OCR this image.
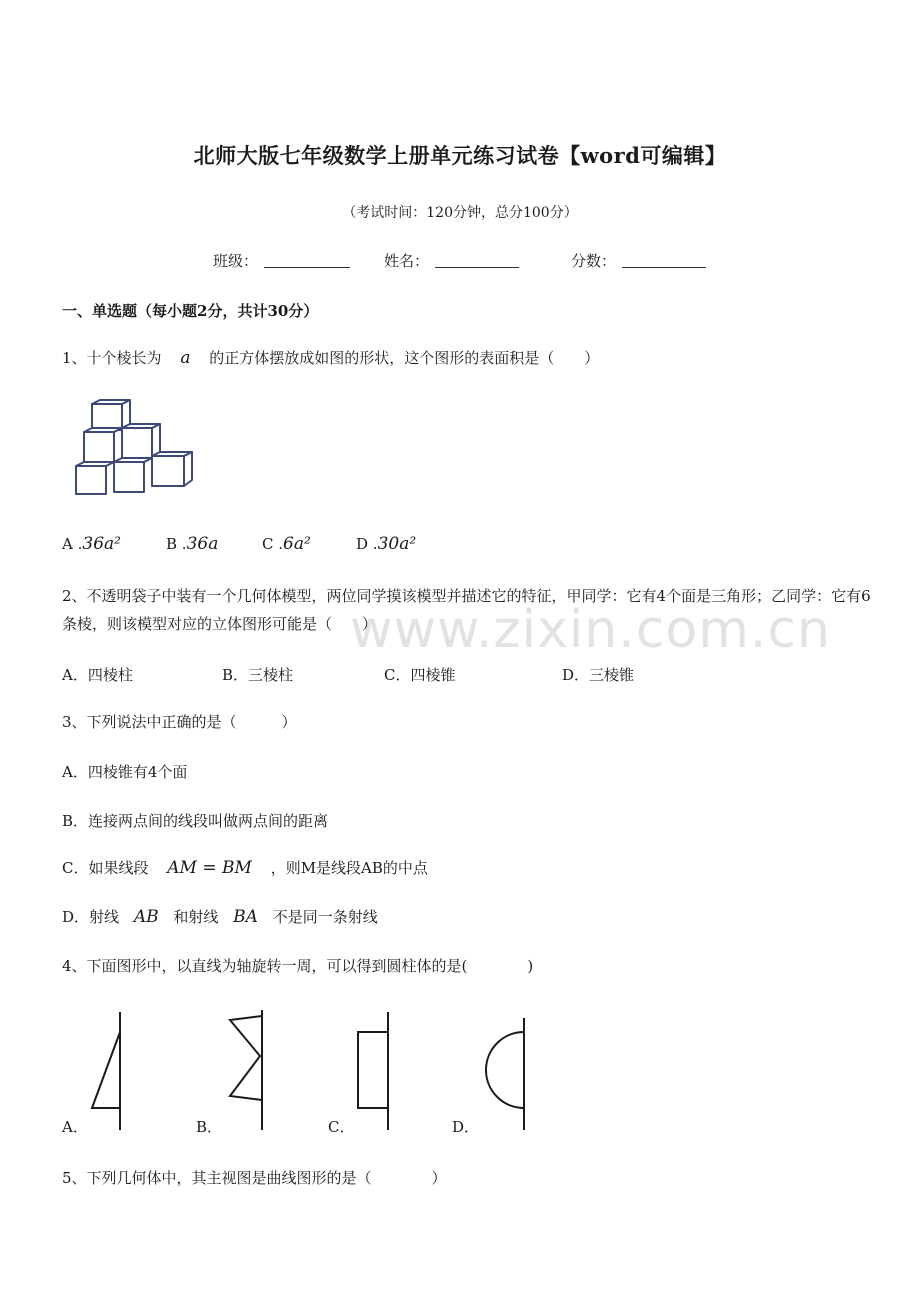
北师大版七年级数学上册单元练习试卷【word可编辑】
（考试时间：120分钟，总分100分）
班级：	姓名：	分数：
一、单选题（每小题2分，共计30分）
www.zixin.com.cn
1、十个棱长为 a 的正方体摆放成如图的形状，这个图形的表面积是（　　）
A .36a²	B .36a	C .6a²	D .30a²
2、不透明袋子中装有一个几何体模型，两位同学摸该模型并描述它的特征，甲同学：它有4个面是三角形；乙同学：它有6条棱，则该模型对应的立体图形可能是（　　）
A．四棱柱	B．三棱柱	C．四棱锥	D．三棱锥
3、下列说法中正确的是（　　　）
A．四棱锥有4个面
B．连接两点间的线段叫做两点间的距离
C．如果线段 AM = BM ，则M是线段AB的中点
D．射线 AB 和射线 BA 不是同一条射线
4、下面图形中，以直线为轴旋转一周，可以得到圆柱体的是(　　　　)
A．	B．	C．	D．
5、下列几何体中，其主视图是曲线图形的是（　　　　）
